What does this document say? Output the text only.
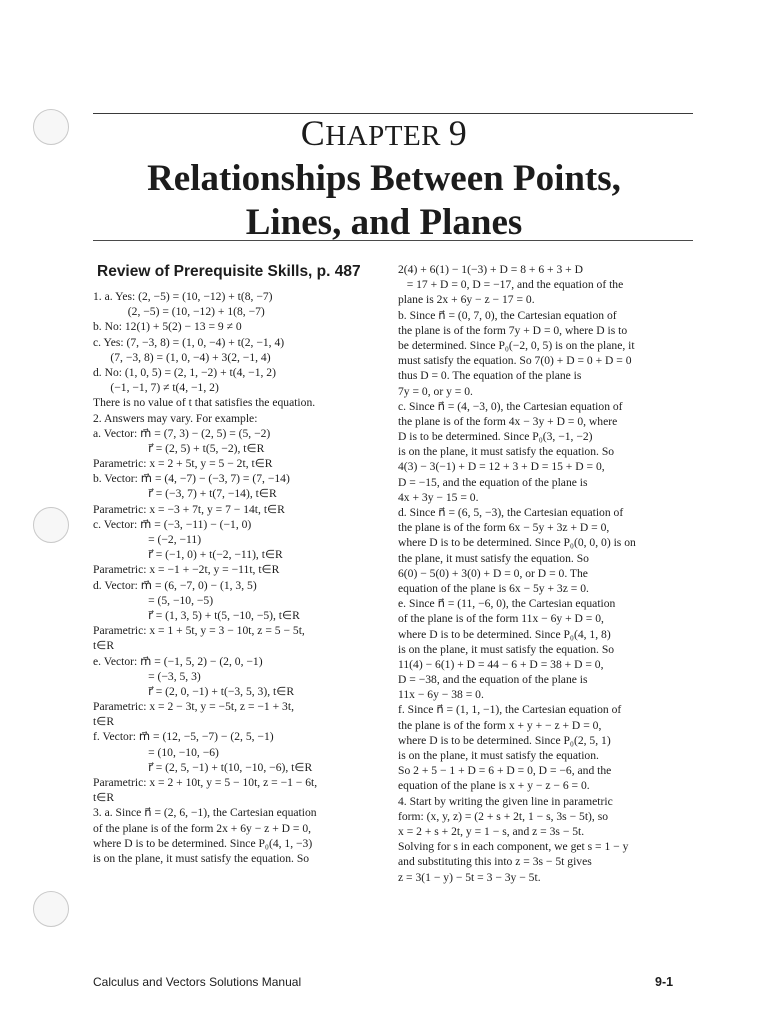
CHAPTER 9
Relationships Between Points,
Lines, and Planes
Review of Prerequisite Skills, p. 487
1. a. Yes: (2, −5) = (10, −12) + t(8, −7)
(2, −5) = (10, −12) + 1(8, −7)
b. No: 12(1) + 5(2) − 13 = 9 ≠ 0
c. Yes: (7, −3, 8) = (1, 0, −4) + t(2, −1, 4)
(7, −3, 8) = (1, 0, −4) + 3(2, −1, 4)
d. No: (1, 0, 5) = (2, 1, −2) + t(4, −1, 2)
(−1, −1, 7) ≠ t(4, −1, 2)
There is no value of t that satisfies the equation.
2. Answers may vary. For example:
a. Vector: m⃗ = (7, 3) − (2, 5) = (5, −2)
r⃗ = (2, 5) + t(5, −2), t∈R
Parametric: x = 2 + 5t, y = 5 − 2t, t∈R
b. Vector: m⃗ = (4, −7) − (−3, 7) = (7, −14)
r⃗ = (−3, 7) + t(7, −14), t∈R
Parametric: x = −3 + 7t, y = 7 − 14t, t∈R
c. Vector: m⃗ = (−3, −11) − (−1, 0)
= (−2, −11)
r⃗ = (−1, 0) + t(−2, −11), t∈R
Parametric: x = −1 + −2t, y = −11t, t∈R
d. Vector: m⃗ = (6, −7, 0) − (1, 3, 5)
= (5, −10, −5)
r⃗ = (1, 3, 5) + t(5, −10, −5), t∈R
Parametric: x = 1 + 5t, y = 3 − 10t, z = 5 − 5t,
t∈R
e. Vector: m⃗ = (−1, 5, 2) − (2, 0, −1)
= (−3, 5, 3)
r⃗ = (2, 0, −1) + t(−3, 5, 3), t∈R
Parametric: x = 2 − 3t, y = −5t, z = −1 + 3t,
t∈R
f. Vector: m⃗ = (12, −5, −7) − (2, 5, −1)
= (10, −10, −6)
r⃗ = (2, 5, −1) + t(10, −10, −6), t∈R
Parametric: x = 2 + 10t, y = 5 − 10t, z = −1 − 6t,
t∈R
3. a. Since n⃗ = (2, 6, −1), the Cartesian equation
of the plane is of the form 2x + 6y − z + D = 0,
where D is to be determined. Since P₀(4, 1, −3)
is on the plane, it must satisfy the equation. So
2(4) + 6(1) − 1(−3) + D = 8 + 6 + 3 + D
= 17 + D = 0, D = −17, and the equation of the
plane is 2x + 6y − z − 17 = 0.
b. Since n⃗ = (0, 7, 0), the Cartesian equation of
the plane is of the form 7y + D = 0, where D is to
be determined. Since P₀(−2, 0, 5) is on the plane, it
must satisfy the equation. So 7(0) + D = 0 + D = 0
thus D = 0. The equation of the plane is
7y = 0, or y = 0.
c. Since n⃗ = (4, −3, 0), the Cartesian equation of
the plane is of the form 4x − 3y + D = 0, where
D is to be determined. Since P₀(3, −1, −2)
is on the plane, it must satisfy the equation. So
4(3) − 3(−1) + D = 12 + 3 + D = 15 + D = 0,
D = −15, and the equation of the plane is
4x + 3y − 15 = 0.
d. Since n⃗ = (6, 5, −3), the Cartesian equation of
the plane is of the form 6x − 5y + 3z + D = 0,
where D is to be determined. Since P₀(0, 0, 0) is on
the plane, it must satisfy the equation. So
6(0) − 5(0) + 3(0) + D = 0, or D = 0. The
equation of the plane is 6x − 5y + 3z = 0.
e. Since n⃗ = (11, −6, 0), the Cartesian equation
of the plane is of the form 11x − 6y + D = 0,
where D is to be determined. Since P₀(4, 1, 8)
is on the plane, it must satisfy the equation. So
11(4) − 6(1) + D = 44 − 6 + D = 38 + D = 0,
D = −38, and the equation of the plane is
11x − 6y − 38 = 0.
f. Since n⃗ = (1, 1, −1), the Cartesian equation of
the plane is of the form x + y + − z + D = 0,
where D is to be determined. Since P₀(2, 5, 1)
is on the plane, it must satisfy the equation.
So 2 + 5 − 1 + D = 6 + D = 0, D = −6, and the
equation of the plane is x + y − z − 6 = 0.
4. Start by writing the given line in parametric
form: (x, y, z) = (2 + s + 2t, 1 − s, 3s − 5t), so
x = 2 + s + 2t, y = 1 − s, and z = 3s − 5t.
Solving for s in each component, we get s = 1 − y
and substituting this into z = 3s − 5t gives
z = 3(1 − y) − 5t = 3 − 3y − 5t.
Calculus and Vectors Solutions Manual	9-1
